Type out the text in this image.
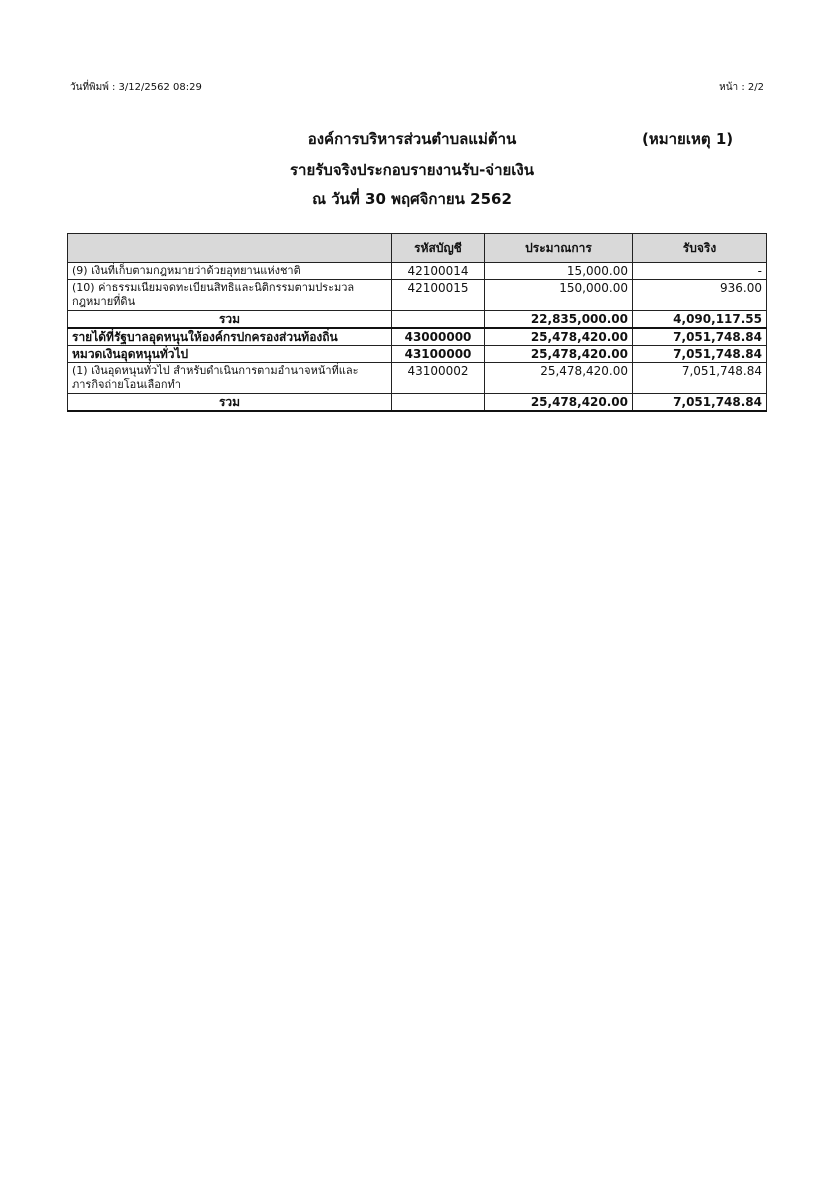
วันที่พิมพ์ : 3/12/2562 08:29	หน้า : 2/2
องค์การบริหารส่วนตำบลแม่ต้าน	(หมายเหตุ 1)
รายรับจริงประกอบรายงานรับ-จ่ายเงิน
ณ วันที่ 30 พฤศจิกายน 2562
	รหัสบัญชี	ประมาณการ	รับจริง
(9) เงินที่เก็บตามกฎหมายว่าด้วยอุทยานแห่งชาติ	42100014	15,000.00	-
(10) ค่าธรรมเนียมจดทะเบียนสิทธิและนิติกรรมตามประมวลกฎหมายที่ดิน	42100015	150,000.00	936.00
รวม		22,835,000.00	4,090,117.55
รายได้ที่รัฐบาลอุดหนุนให้องค์กรปกครองส่วนท้องถิ่น	43000000	25,478,420.00	7,051,748.84
หมวดเงินอุดหนุนทั่วไป	43100000	25,478,420.00	7,051,748.84
(1) เงินอุดหนุนทั่วไป สำหรับดำเนินการตามอำนาจหน้าที่และภารกิจถ่ายโอนเลือกทำ	43100002	25,478,420.00	7,051,748.84
รวม		25,478,420.00	7,051,748.84
